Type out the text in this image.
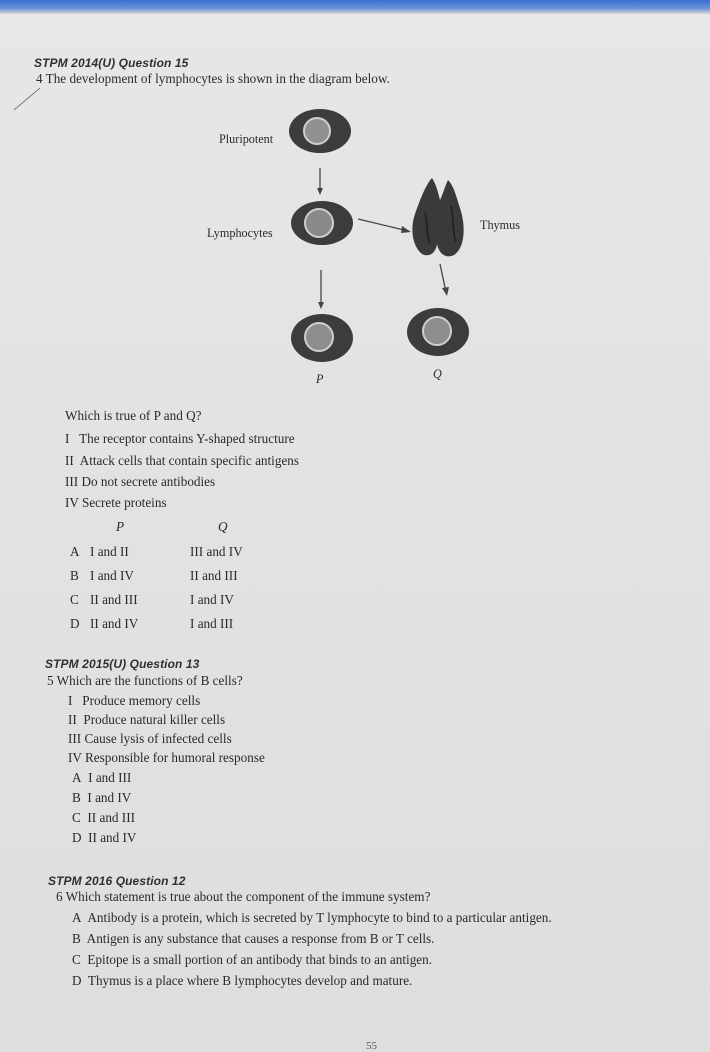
STPM 2014(U) Question 15
4 The development of lymphocytes is shown in the diagram below.
Pluripotent
Lymphocytes
Thymus
P	Q
Which is true of P and Q?
I The receptor contains Y-shaped structure
II Attack cells that contain specific antigens
III Do not secrete antibodies
IV Secrete proteins
P	Q
A I and II	III and IV
B I and IV	II and III
C II and III	I and IV
D II and IV	I and III
STPM 2015(U) Question 13
5 Which are the functions of B cells?
I Produce memory cells
II Produce natural killer cells
III Cause lysis of infected cells
IV Responsible for humoral response
A I and III
B I and IV
C II and III
D II and IV
STPM 2016 Question 12
6 Which statement is true about the component of the immune system?
A Antibody is a protein, which is secreted by T lymphocyte to bind to a particular antigen.
B Antigen is any substance that causes a response from B or T cells.
C Epitope is a small portion of an antibody that binds to an antigen.
D Thymus is a place where B lymphocytes develop and mature.
55
